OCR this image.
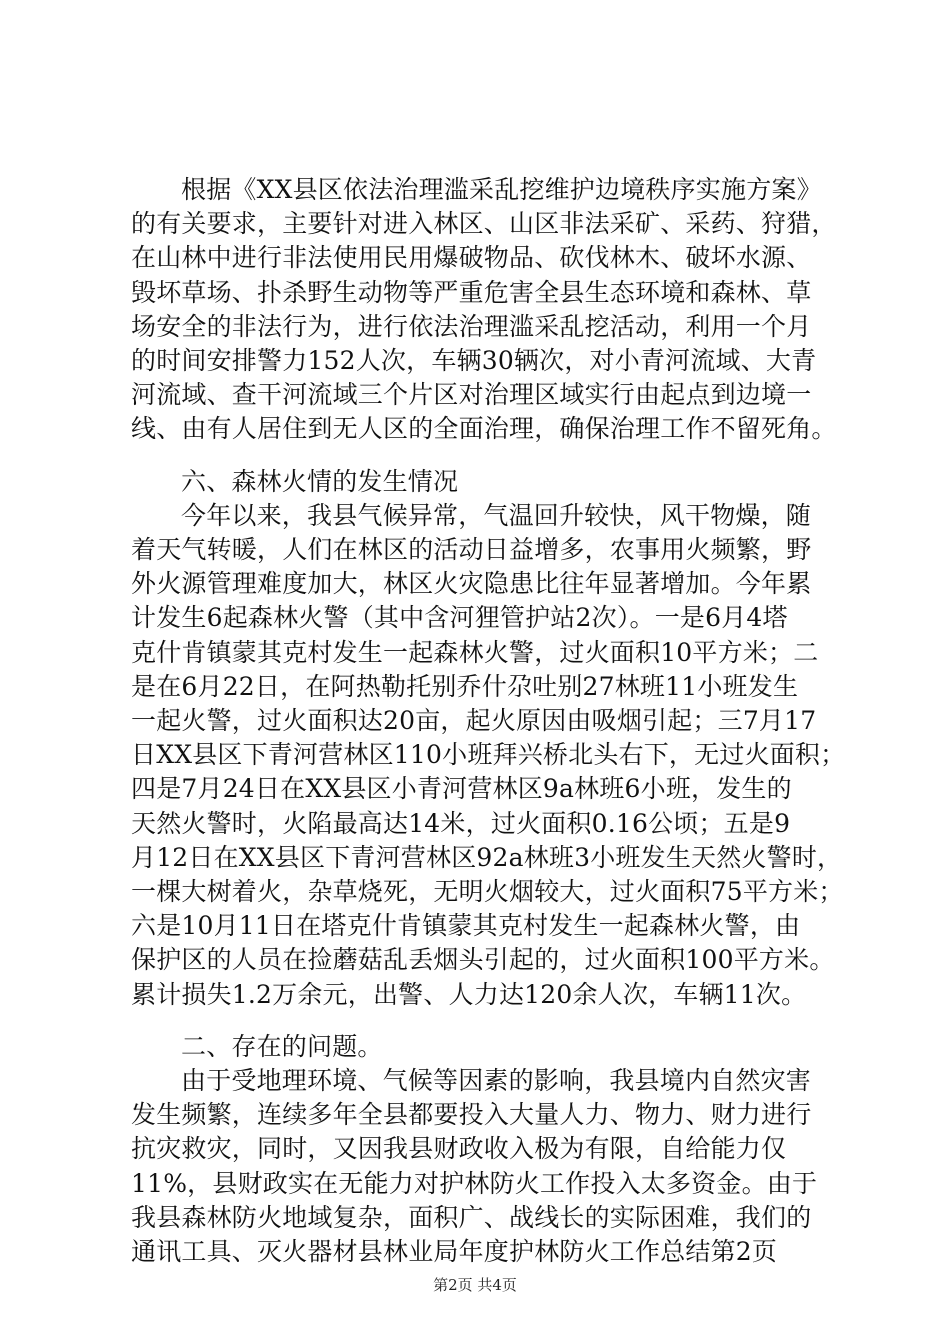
根据《XX县区依法治理滥采乱挖维护边境秩序实施方案》
的有关要求，主要针对进入林区、山区非法采矿、采药、狩猎，
在山林中进行非法使用民用爆破物品、砍伐林木、破坏水源、
毁坏草场、扑杀野生动物等严重危害全县生态环境和森林、草
场安全的非法行为，进行依法治理滥采乱挖活动，利用一个月
的时间安排警力152人次，车辆30辆次，对小青河流域、大青
河流域、查干河流域三个片区对治理区域实行由起点到边境一
线、由有人居住到无人区的全面治理，确保治理工作不留死角。
六、森林火情的发生情况
今年以来，我县气候异常，气温回升较快，风干物燥，随
着天气转暖，人们在林区的活动日益增多，农事用火频繁，野
外火源管理难度加大，林区火灾隐患比往年显著增加。今年累
计发生6起森林火警（其中含河狸管护站2次）。一是6月4塔
克什肯镇蒙其克村发生一起森林火警，过火面积10平方米；二
是在6月22日，在阿热勒托别乔什尕吐别27林班11小班发生
一起火警，过火面积达20亩，起火原因由吸烟引起；三7月17
日XX县区下青河营林区110小班拜兴桥北头右下，无过火面积；
四是7月24日在XX县区小青河营林区9a林班6小班，发生的
天然火警时，火陷最高达14米，过火面积0.16公顷；五是9
月12日在XX县区下青河营林区92a林班3小班发生天然火警时，
一棵大树着火，杂草烧死，无明火烟较大，过火面积75平方米；
六是10月11日在塔克什肯镇蒙其克村发生一起森林火警，由
保护区的人员在捡蘑菇乱丢烟头引起的，过火面积100平方米。
累计损失1.2万余元，出警、人力达120余人次，车辆11次。
二、存在的问题。
由于受地理环境、气候等因素的影响，我县境内自然灾害
发生频繁，连续多年全县都要投入大量人力、物力、财力进行
抗灾救灾，同时，又因我县财政收入极为有限，自给能力仅
11%，县财政实在无能力对护林防火工作投入太多资金。由于
第2页 共4页
我县森林防火地域复杂，面积广、战线长的实际困难，我们的
通讯工具、灭火器材县林业局年度护林防火工作总结第2页
